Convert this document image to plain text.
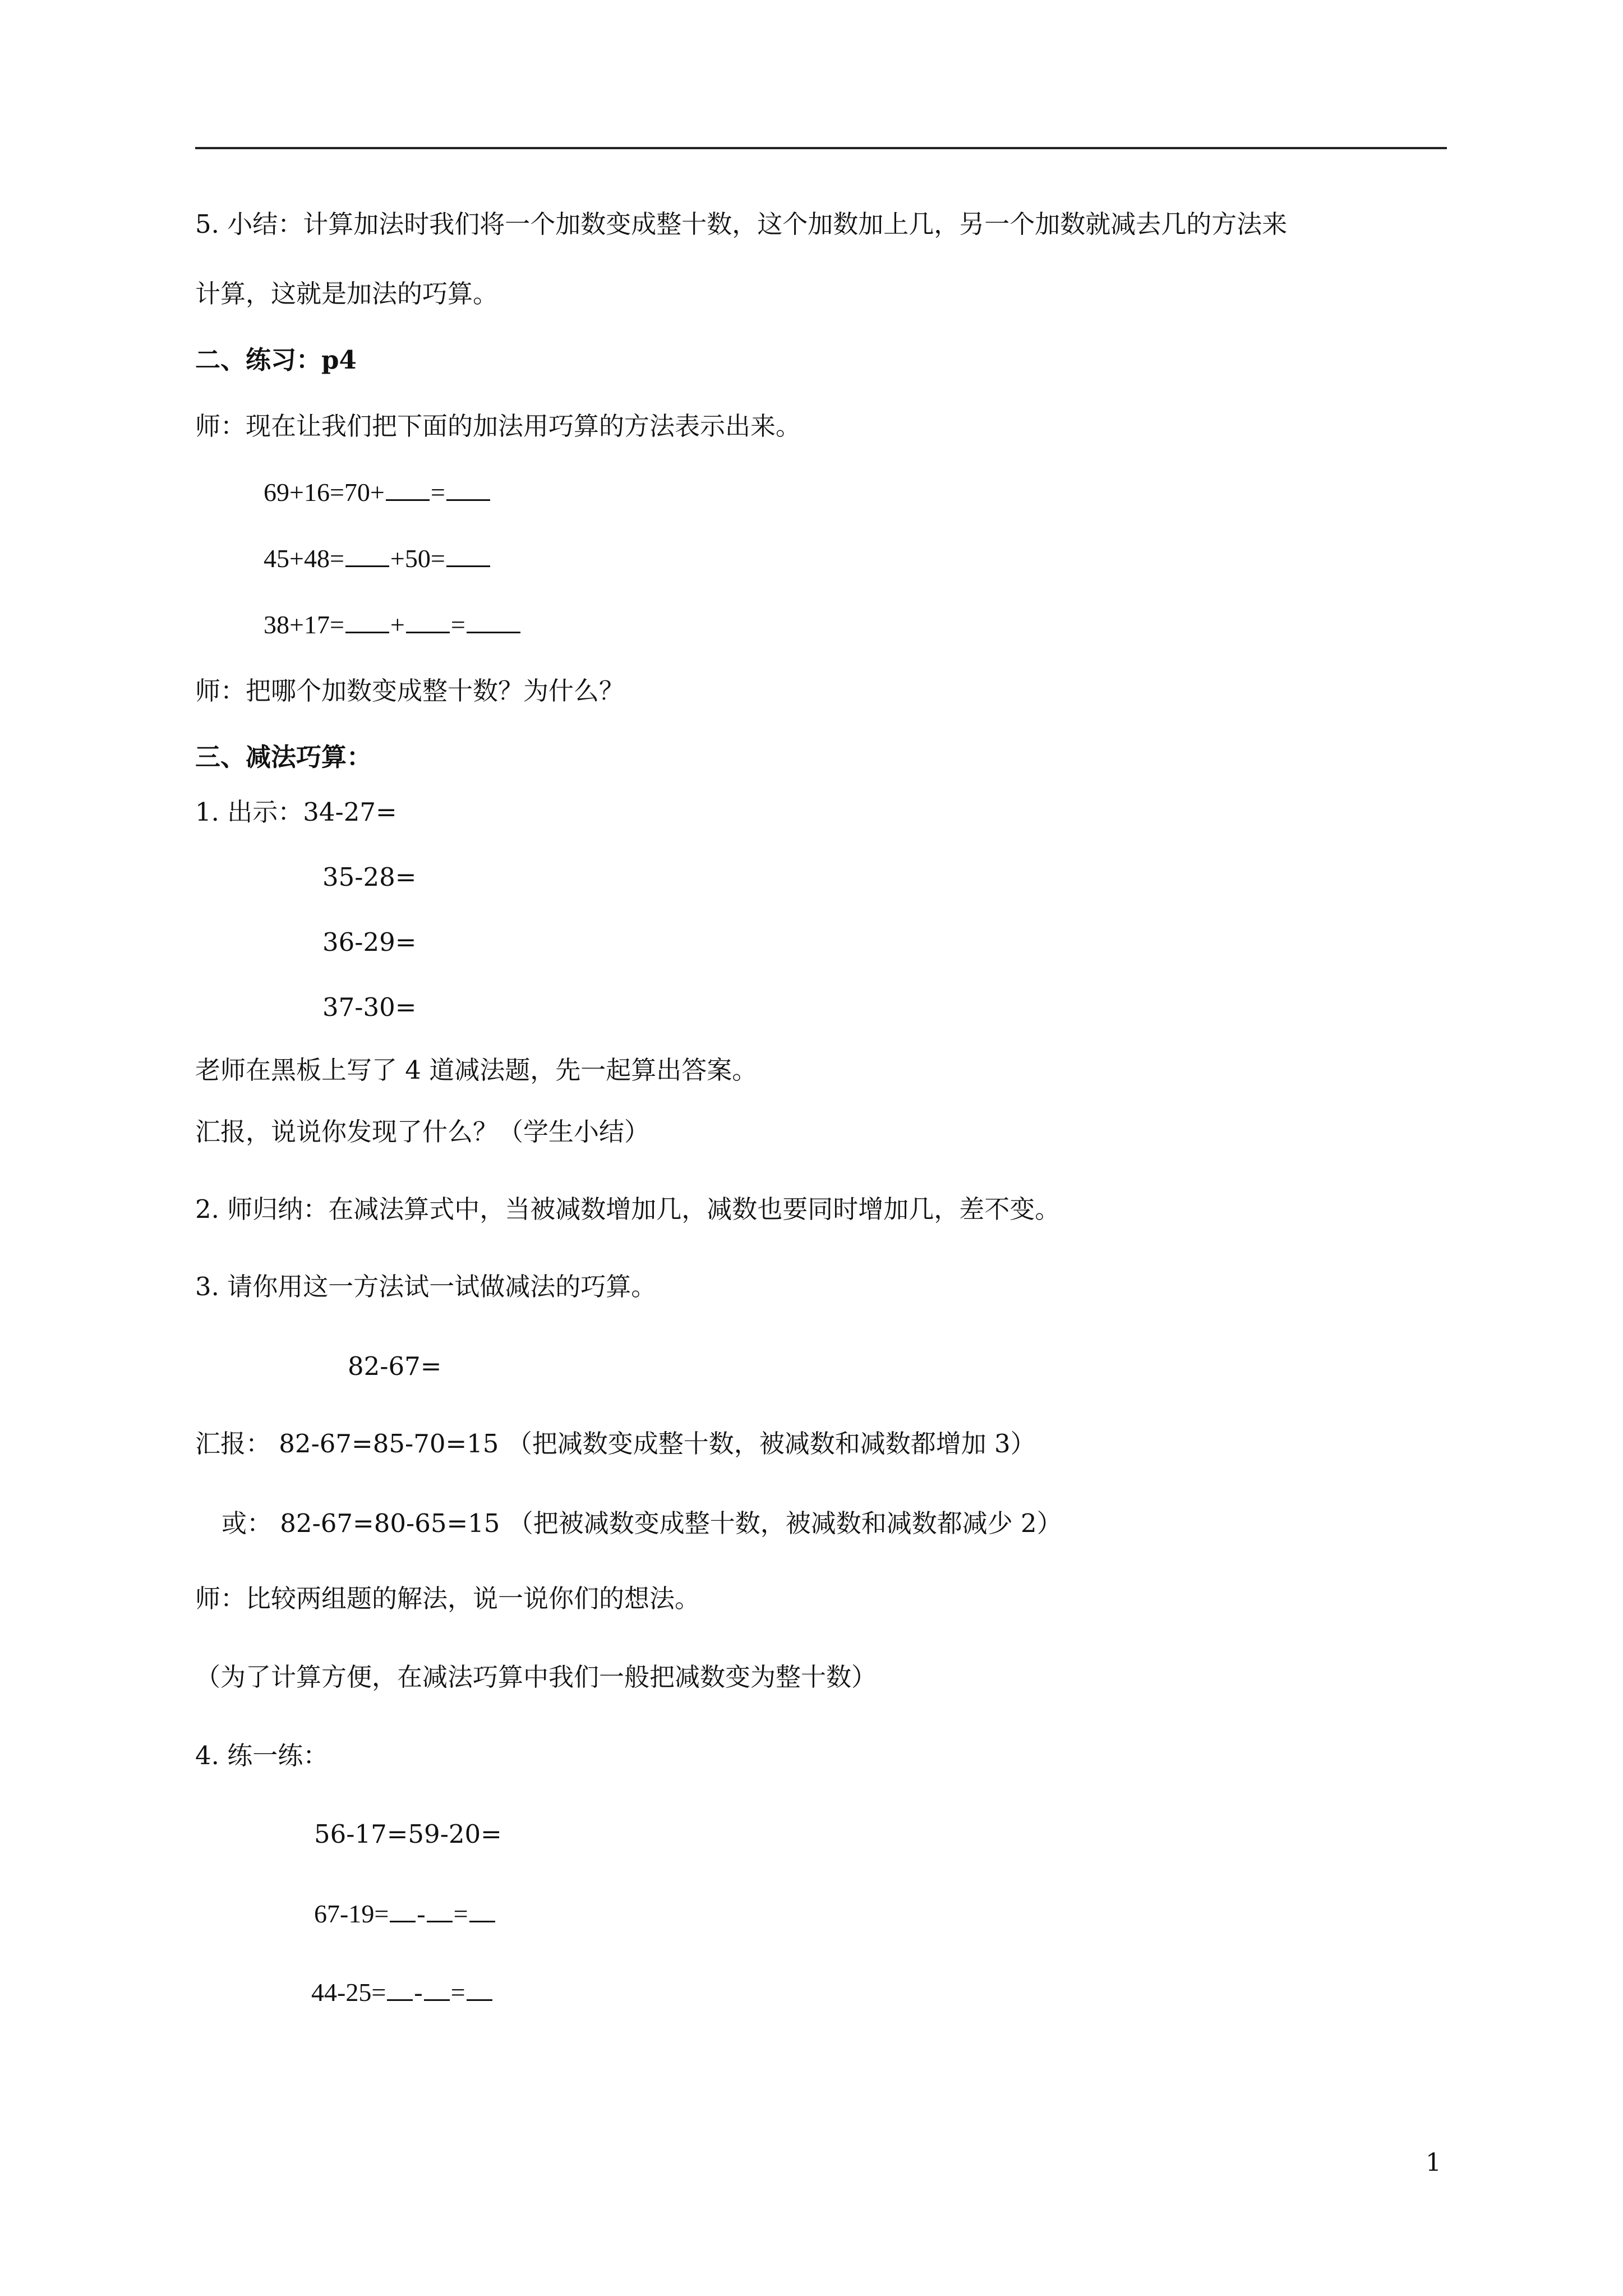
5. 小结：计算加法时我们将一个加数变成整十数，这个加数加上几，另一个加数就减去几的方法来
计算，这就是加法的巧算。
二、练习：p4
师：现在让我们把下面的加法用巧算的方法表示出来。
69+16=70+ =
45+48= +50=
38+17= + =
师：把哪个加数变成整十数？为什么？
三、减法巧算：
1. 出示：34-27=
35-28=
36-29=
37-30=
老师在黑板上写了 4 道减法题，先一起算出答案。
汇报，说说你发现了什么？（学生小结）
2. 师归纳：在减法算式中，当被减数增加几，减数也要同时增加几，差不变。
3. 请你用这一方法试一试做减法的巧算。
82-67=
汇报： 82-67=85-70=15 （把减数变成整十数，被减数和减数都增加 3）
或： 82-67=80-65=15 （把被减数变成整十数，被减数和减数都减少 2）
师：比较两组题的解法，说一说你们的想法。
（为了计算方便，在减法巧算中我们一般把减数变为整十数）
4. 练一练：
56-17=59-20=
67-19= - =
44-25= - =
1
